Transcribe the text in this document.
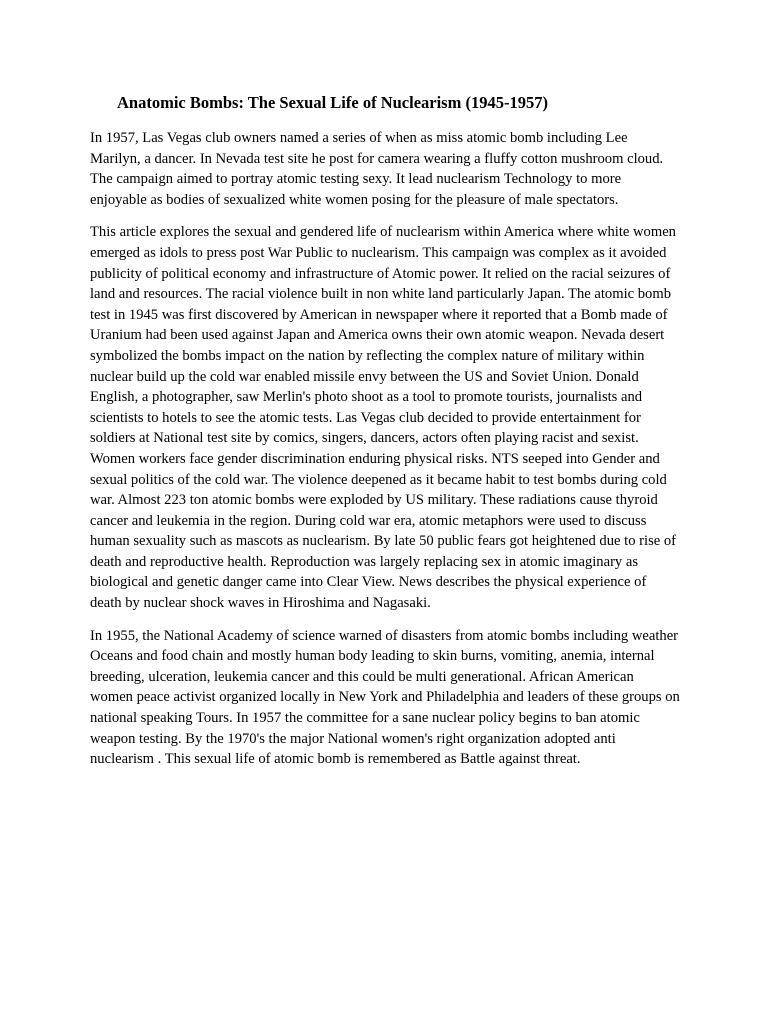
Anatomic Bombs: The Sexual Life of Nuclearism (1945-1957)

In 1957, Las Vegas club owners named a series of when as miss atomic bomb including Lee Marilyn, a dancer. In Nevada test site he post for camera wearing a fluffy cotton mushroom cloud. The campaign aimed to portray atomic testing sexy. It lead nuclearism Technology to more enjoyable as bodies of sexualized white women posing for the pleasure of male spectators.

This article explores the sexual and gendered life of nuclearism within America where white women emerged as idols to press post War Public to nuclearism. This campaign was complex as it avoided publicity of political economy and infrastructure of Atomic power. It relied on the racial seizures of land and resources. The racial violence built in non white land particularly Japan. The atomic bomb test in 1945 was first discovered by American in newspaper where it reported that a Bomb made of Uranium had been used against Japan and America owns their own atomic weapon. Nevada desert symbolized the bombs impact on the nation by reflecting the complex nature of military within nuclear build up the cold war enabled missile envy between the US and Soviet Union. Donald English, a photographer, saw Merlin's photo shoot as a tool to promote tourists, journalists and scientists to hotels to see the atomic tests. Las Vegas club decided to provide entertainment for soldiers at National test site by comics, singers, dancers, actors often playing racist and sexist. Women workers face gender discrimination enduring physical risks. NTS seeped into Gender and sexual politics of the cold war. The violence deepened as it became habit to test bombs during cold war. Almost 223 ton atomic bombs were exploded by US military. These radiations cause thyroid cancer and leukemia in the region. During cold war era, atomic metaphors were used to discuss human sexuality such as mascots as nuclearism. By late 50 public fears got heightened due to rise of death and reproductive health. Reproduction was largely replacing sex in atomic imaginary as biological and genetic danger came into Clear View. News describes the physical experience of death by nuclear shock waves in Hiroshima and Nagasaki.

In 1955, the National Academy of science warned of disasters from atomic bombs including weather Oceans and food chain and mostly human body leading to skin burns, vomiting, anemia, internal breeding, ulceration, leukemia cancer and this could be multi generational. African American women peace activist organized locally in New York and Philadelphia and leaders of these groups on national speaking Tours. In 1957 the committee for a sane nuclear policy begins to ban atomic weapon testing. By the 1970's the major National women's right organization adopted anti nuclearism . This sexual life of atomic bomb is remembered as Battle against threat.
